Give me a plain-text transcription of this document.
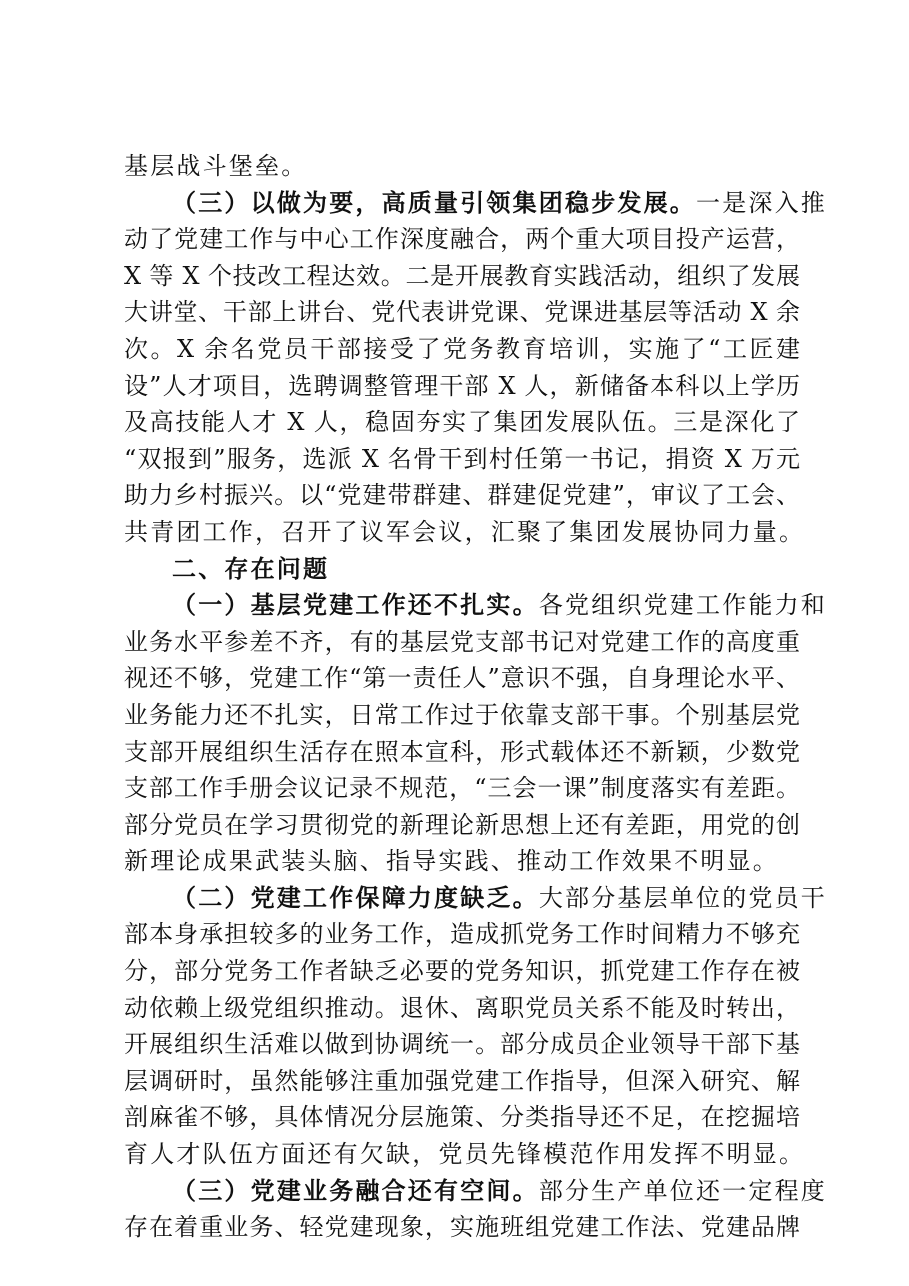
基层战斗堡垒。
（三）以做为要，高质量引领集团稳步发展。一是深入推
动了党建工作与中心工作深度融合，两个重大项目投产运营，
X 等 X 个技改工程达效。二是开展教育实践活动，组织了发展
大讲堂、干部上讲台、党代表讲党课、党课进基层等活动 X 余
次。X 余名党员干部接受了党务教育培训，实施了“工匠建
设”人才项目，选聘调整管理干部 X 人，新储备本科以上学历
及高技能人才 X 人，稳固夯实了集团发展队伍。三是深化了
“双报到”服务，选派 X 名骨干到村任第一书记，捐资 X 万元
助力乡村振兴。以“党建带群建、群建促党建”，审议了工会、
共青团工作，召开了议军会议，汇聚了集团发展协同力量。
二、存在问题
（一）基层党建工作还不扎实。各党组织党建工作能力和
业务水平参差不齐，有的基层党支部书记对党建工作的高度重
视还不够，党建工作“第一责任人”意识不强，自身理论水平、
业务能力还不扎实，日常工作过于依靠支部干事。个别基层党
支部开展组织生活存在照本宣科，形式载体还不新颖，少数党
支部工作手册会议记录不规范，“三会一课”制度落实有差距。
部分党员在学习贯彻党的新理论新思想上还有差距，用党的创
新理论成果武装头脑、指导实践、推动工作效果不明显。
（二）党建工作保障力度缺乏。大部分基层单位的党员干
部本身承担较多的业务工作，造成抓党务工作时间精力不够充
分，部分党务工作者缺乏必要的党务知识，抓党建工作存在被
动依赖上级党组织推动。退休、离职党员关系不能及时转出，
开展组织生活难以做到协调统一。部分成员企业领导干部下基
层调研时，虽然能够注重加强党建工作指导，但深入研究、解
剖麻雀不够，具体情况分层施策、分类指导还不足，在挖掘培
育人才队伍方面还有欠缺，党员先锋模范作用发挥不明显。
（三）党建业务融合还有空间。部分生产单位还一定程度
存在着重业务、轻党建现象，实施班组党建工作法、党建品牌
